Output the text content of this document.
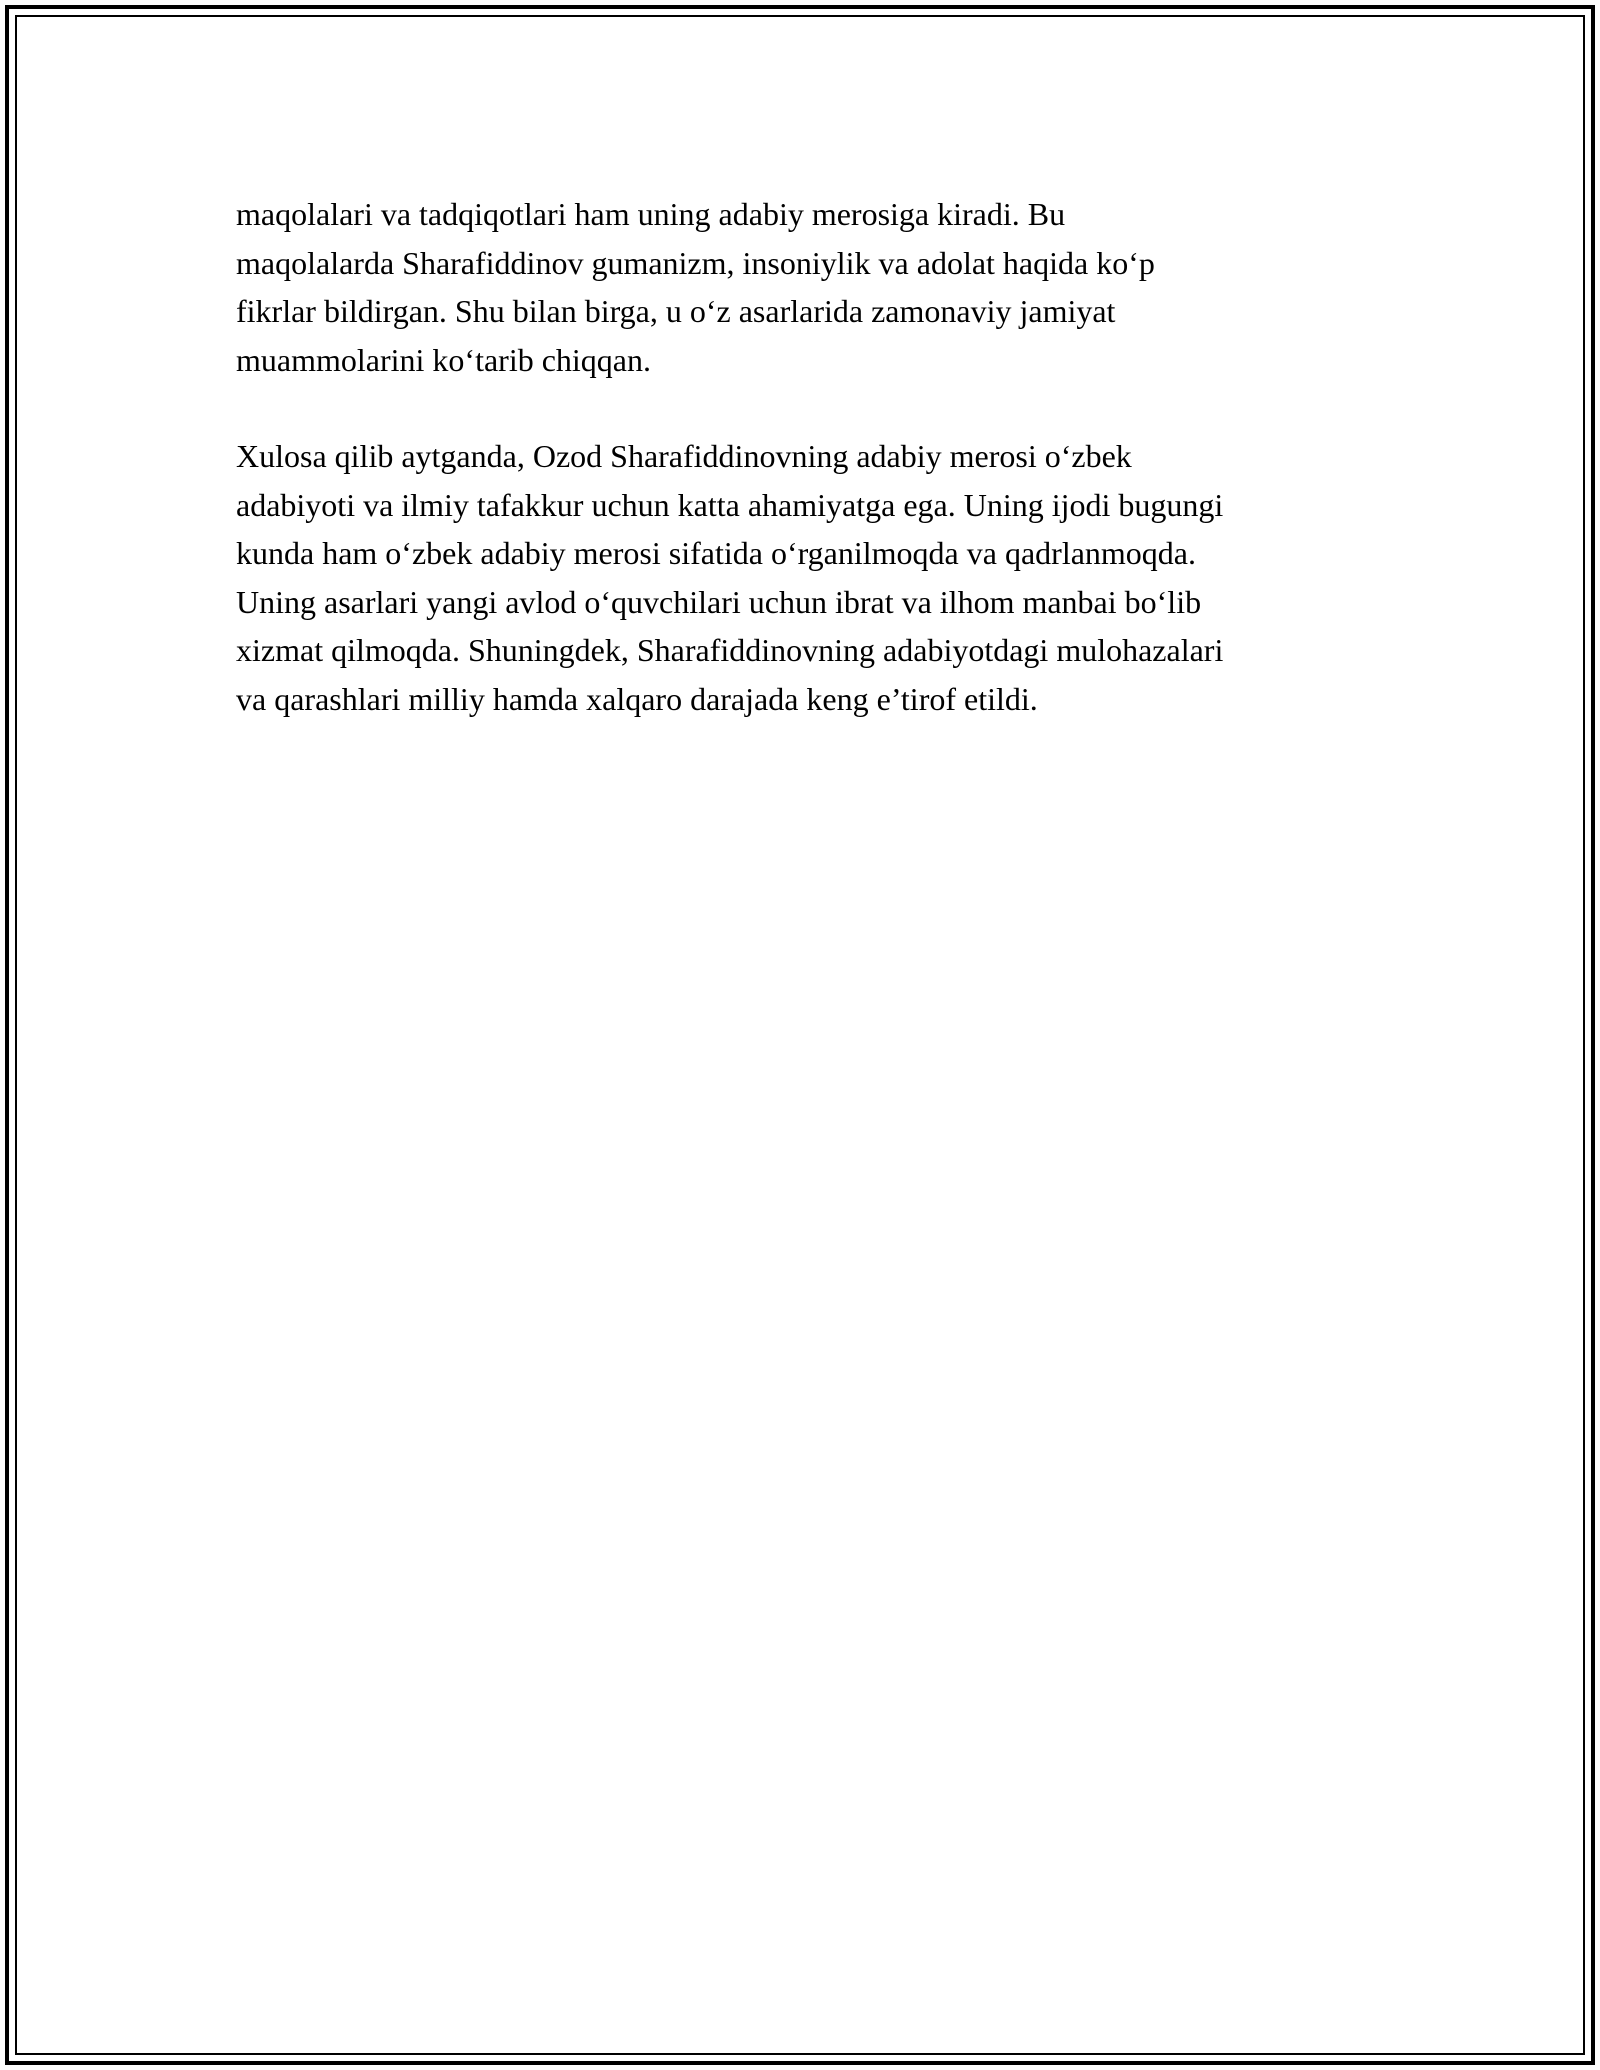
maqolalari va tadqiqotlari ham uning adabiy merosiga kiradi. Bu
maqolalarda Sharafiddinov gumanizm, insoniylik va adolat haqida ko‘p
fikrlar bildirgan. Shu bilan birga, u o‘z asarlarida zamonaviy jamiyat
muammolarini ko‘tarib chiqqan.

Xulosa qilib aytganda, Ozod Sharafiddinovning adabiy merosi o‘zbek
adabiyoti va ilmiy tafakkur uchun katta ahamiyatga ega. Uning ijodi bugungi
kunda ham o‘zbek adabiy merosi sifatida o‘rganilmoqda va qadrlanmoqda.
Uning asarlari yangi avlod o‘quvchilari uchun ibrat va ilhom manbai bo‘lib
xizmat qilmoqda. Shuningdek, Sharafiddinovning adabiyotdagi mulohazalari
va qarashlari milliy hamda xalqaro darajada keng e’tirof etildi.
